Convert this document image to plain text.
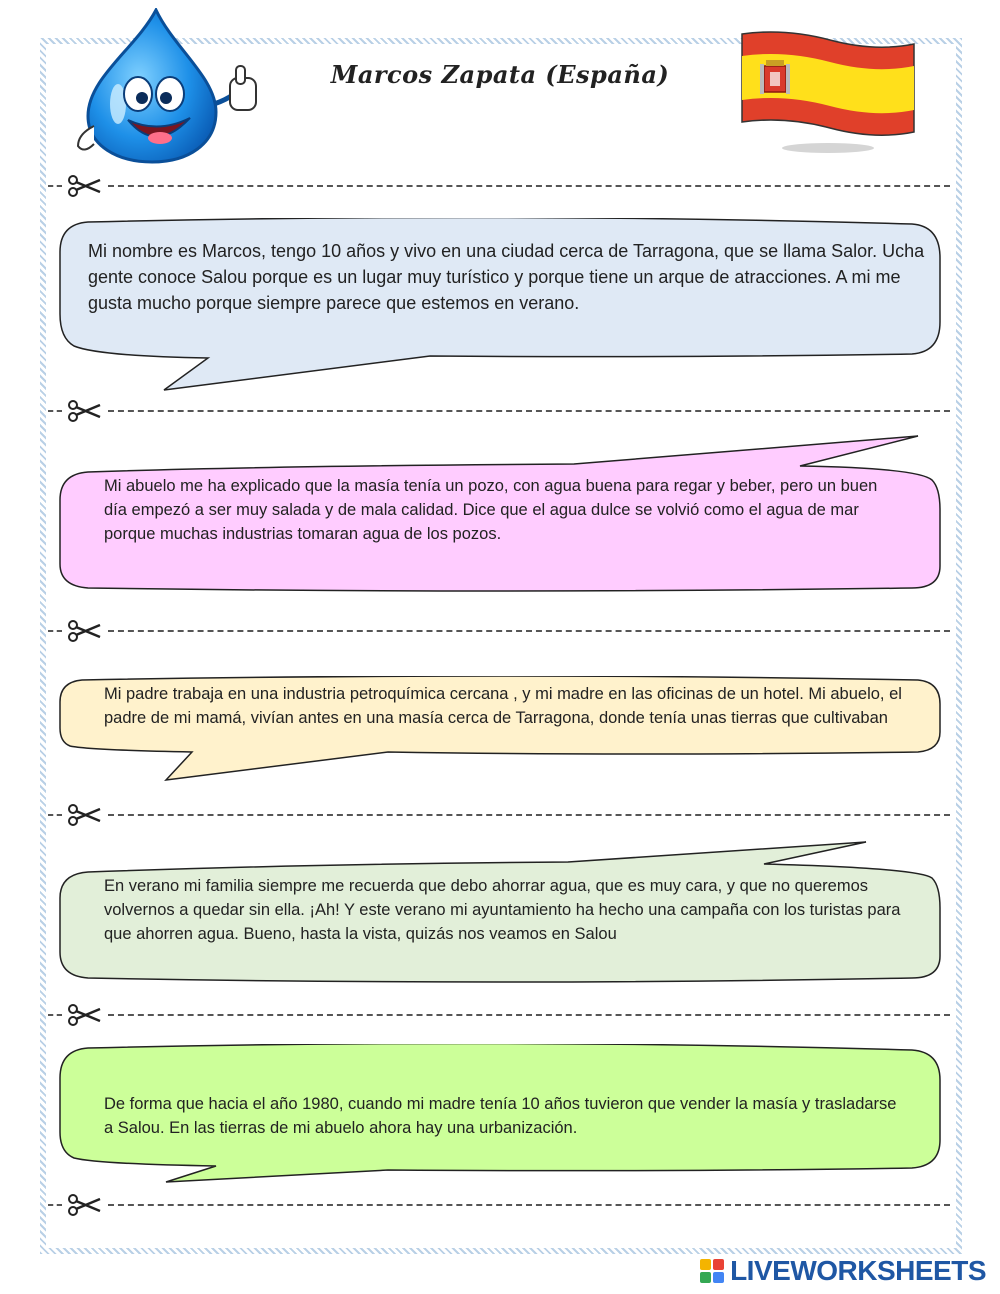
Marcos Zapata (España)
Mi nombre es Marcos, tengo 10 años y vivo en una ciudad cerca de Tarragona, que se llama Salor. Ucha gente conoce Salou porque es un lugar muy turístico y porque tiene un arque de atracciones. A mi me gusta mucho porque siempre parece que estemos en verano.
Mi abuelo me ha explicado que la masía tenía un pozo, con agua buena para regar y beber, pero un buen día empezó a ser muy salada y de mala calidad. Dice que el agua dulce se volvió como el agua de mar porque muchas industrias tomaran agua de los pozos.
Mi padre trabaja en una industria petroquímica cercana , y mi madre en las oficinas de un hotel. Mi abuelo, el padre de mi mamá, vivían antes en una masía cerca de Tarragona, donde tenía unas tierras que cultivaban
En verano mi familia siempre me recuerda que debo ahorrar agua, que es muy cara, y que no queremos volvernos a quedar sin ella. ¡Ah! Y este verano mi ayuntamiento ha hecho una campaña con los turistas para que ahorren agua. Bueno, hasta la vista, quizás nos veamos en Salou
De forma que hacia el año 1980, cuando mi madre tenía 10 años tuvieron que vender la masía y trasladarse a Salou. En las tierras de mi abuelo ahora hay una urbanización.
LIVEWORKSHEETS
